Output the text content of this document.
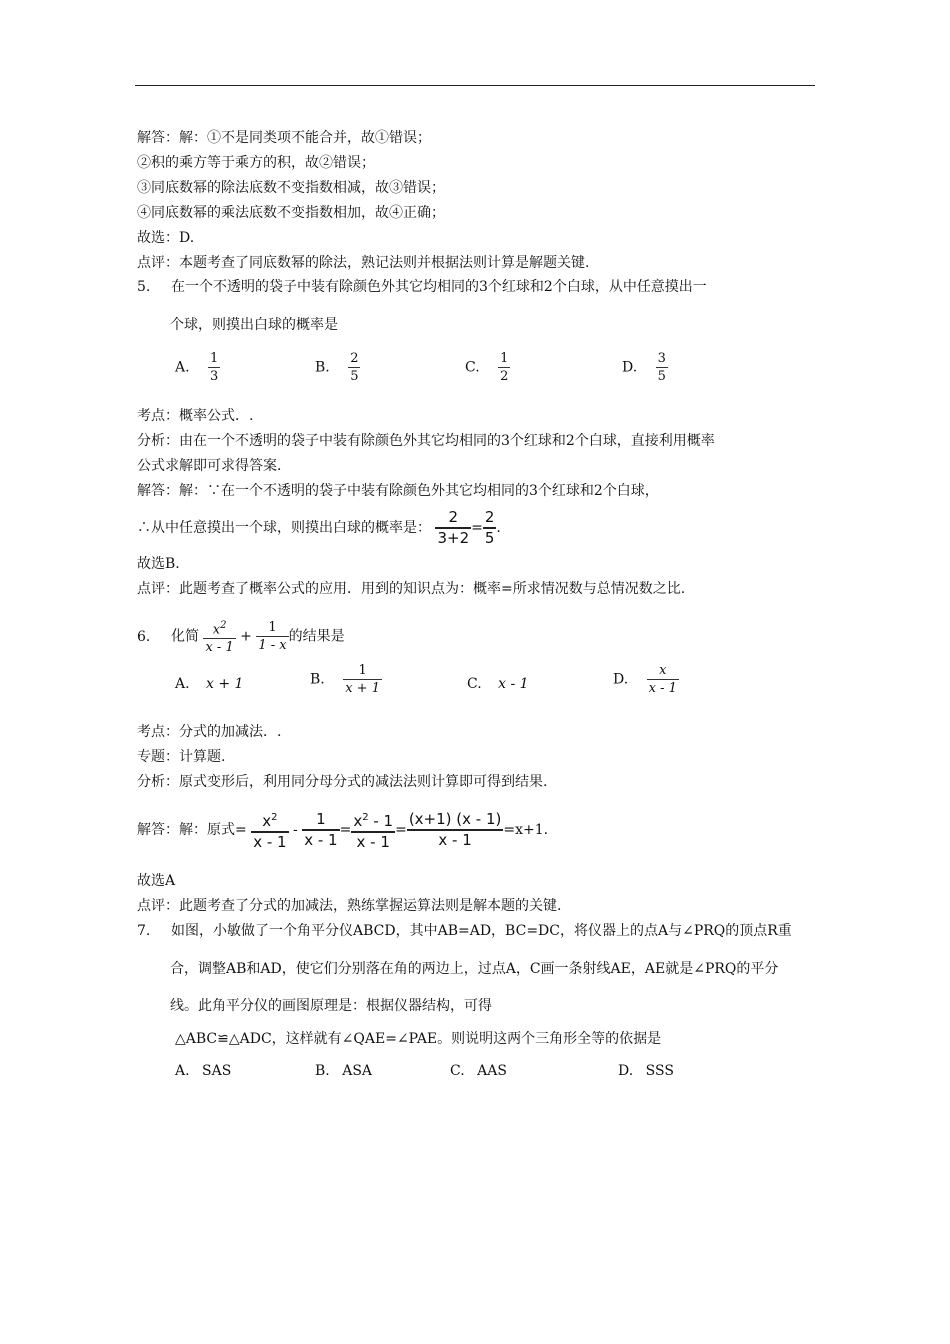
解答：解：①不是同类项不能合并，故①错误；
②积的乘方等于乘方的积，故②错误；
③同底数幂的除法底数不变指数相减，故③错误；
④同底数幂的乘法底数不变指数相加，故④正确；
故选：D.
点评：本题考查了同底数幂的除法，熟记法则并根据法则计算是解题关键.
5. 在一个不透明的袋子中装有除颜色外其它均相同的3个红球和2个白球，从中任意摸出一
个球，则摸出白球的概率是
A. $\frac{1}{3}$	B. $\frac{2}{5}$	C. $\frac{1}{2}$	D. $\frac{3}{5}$
考点：概率公式．.
分析：由在一个不透明的袋子中装有除颜色外其它均相同的3个红球和2个白球，直接利用概率
公式求解即可求得答案.
解答：解：∵在一个不透明的袋子中装有除颜色外其它均相同的3个红球和2个白球，
∴从中任意摸出一个球，则摸出白球的概率是： $\frac{2}{3+2} = \frac{2}{5}$ .
故选B.
点评：此题考查了概率公式的应用．用到的知识点为：概率=所求情况数与总情况数之比.
6. 化简 $\frac{x^2}{x - 1} + \frac{1}{1 - x}$ 的结果是
A. x + 1	B. $\frac{1}{x + 1}$	C. x - 1	D. $\frac{x}{x - 1}$
考点：分式的加减法．.
专题：计算题.
分析：原式变形后，利用同分母分式的减法法则计算即可得到结果.
解答：解：原式= $\frac{x^2}{x - 1} - \frac{1}{x - 1} = \frac{x^2 - 1}{x - 1} = \frac{(x+1) (x - 1)}{x - 1} =x+1$.
故选A
点评：此题考查了分式的加减法，熟练掌握运算法则是解本题的关键.
7. 如图，小敏做了一个角平分仪ABCD，其中AB=AD，BC=DC，将仪器上的点A与∠PRQ的顶点R重
合，调整AB和AD，使它们分别落在角的两边上，过点A，C画一条射线AE，AE就是∠PRQ的平分
线。此角平分仪的画图原理是：根据仪器结构，可得
△ABC≌△ADC，这样就有∠QAE=∠PAE。则说明这两个三角形全等的依据是
A. SAS	B. ASA	C. AAS	D. SSS
